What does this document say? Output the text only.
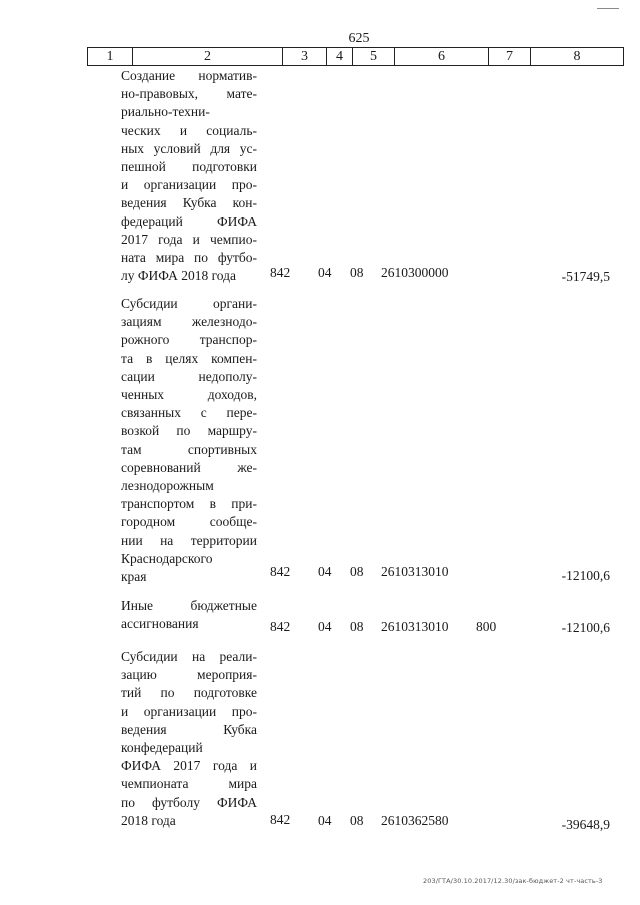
625
1	2	3	4	5	6	7	8
Создание норматив-
но-правовых, мате-
риально-техни-
ческих и социаль-
ных условий для ус-
пешной подготовки
и организации про-
ведения Кубка кон-
федераций ФИФА
2017 года и чемпио-
ната мира по футбо-
лу ФИФА 2018 года	842 04 08 2610300000	-51749,5
Субсидии органи-
зациям железнодо-
рожного транспор-
та в целях компен-
сации недополу-
ченных доходов,
связанных с пере-
возкой по маршру-
там спортивных
соревнований же-
лезнодорожным
транспортом в при-
городном сообще-
нии на территории
Краснодарского
края	842 04 08 2610313010	-12100,6
Иные бюджетные
ассигнования	842 04 08 2610313010 800	-12100,6
Субсидии на реали-
зацию мероприя-
тий по подготовке
и организации про-
ведения Кубка
конфедераций
ФИФА 2017 года и
чемпионата мира
по футболу ФИФА
2018 года	842 04 08 2610362580	-39648,9
203/ГТА/30.10.2017/12.30/зак-бюджет-2 чт-часть-3
